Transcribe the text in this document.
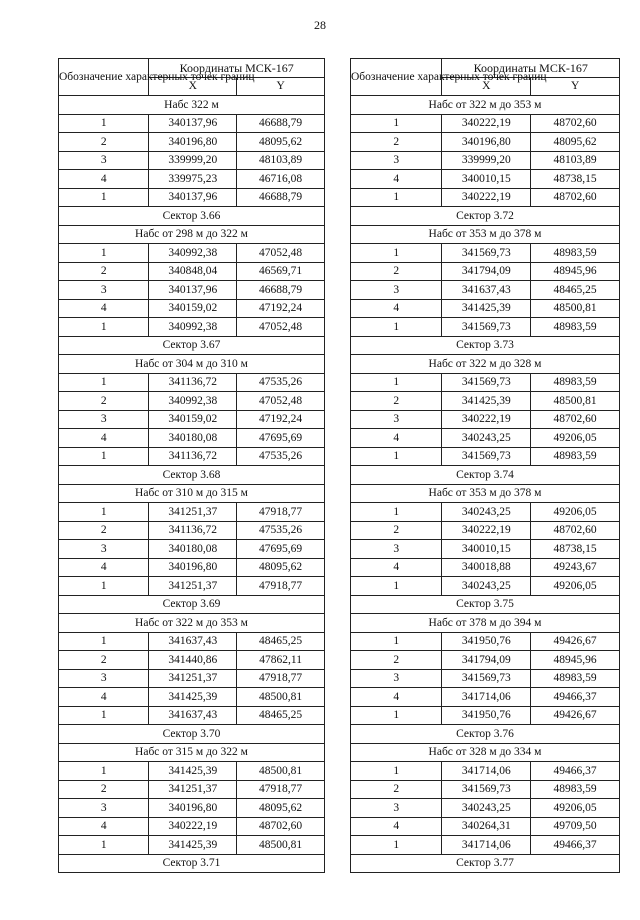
28
Обозначение характерных точек границ	Координаты МСК-167	
	X	Y
Набс 322 м		
1	340137,96	46688,79
2	340196,80	48095,62
3	339999,20	48103,89
4	339975,23	46716,08
1	340137,96	46688,79
Сектор 3.66		
Набс от 298 м до 322 м		
1	340992,38	47052,48
2	340848,04	46569,71
3	340137,96	46688,79
4	340159,02	47192,24
1	340992,38	47052,48
Сектор 3.67		
Набс от 304 м до 310 м		
1	341136,72	47535,26
2	340992,38	47052,48
3	340159,02	47192,24
4	340180,08	47695,69
1	341136,72	47535,26
Сектор 3.68		
Набс от 310 м до 315 м		
1	341251,37	47918,77
2	341136,72	47535,26
3	340180,08	47695,69
4	340196,80	48095,62
1	341251,37	47918,77
Сектор 3.69		
Набс от 322 м до 353 м		
1	341637,43	48465,25
2	341440,86	47862,11
3	341251,37	47918,77
4	341425,39	48500,81
1	341637,43	48465,25
Сектор 3.70		
Набс от 315 м до 322 м		
1	341425,39	48500,81
2	341251,37	47918,77
3	340196,80	48095,62
4	340222,19	48702,60
1	341425,39	48500,81
Сектор 3.71		
Обозначение характерных точек границ	Координаты МСК-167	
	X	Y
Набс от 322 м до 353 м		
1	340222,19	48702,60
2	340196,80	48095,62
3	339999,20	48103,89
4	340010,15	48738,15
1	340222,19	48702,60
Сектор 3.72		
Набс от 353 м до 378 м		
1	341569,73	48983,59
2	341794,09	48945,96
3	341637,43	48465,25
4	341425,39	48500,81
1	341569,73	48983,59
Сектор 3.73		
Набс от 322 м до 328 м		
1	341569,73	48983,59
2	341425,39	48500,81
3	340222,19	48702,60
4	340243,25	49206,05
1	341569,73	48983,59
Сектор 3.74		
Набс от 353 м до 378 м		
1	340243,25	49206,05
2	340222,19	48702,60
3	340010,15	48738,15
4	340018,88	49243,67
1	340243,25	49206,05
Сектор 3.75		
Набс от 378 м до 394 м		
1	341950,76	49426,67
2	341794,09	48945,96
3	341569,73	48983,59
4	341714,06	49466,37
1	341950,76	49426,67
Сектор 3.76		
Набс от 328 м до 334 м		
1	341714,06	49466,37
2	341569,73	48983,59
3	340243,25	49206,05
4	340264,31	49709,50
1	341714,06	49466,37
Сектор 3.77		
